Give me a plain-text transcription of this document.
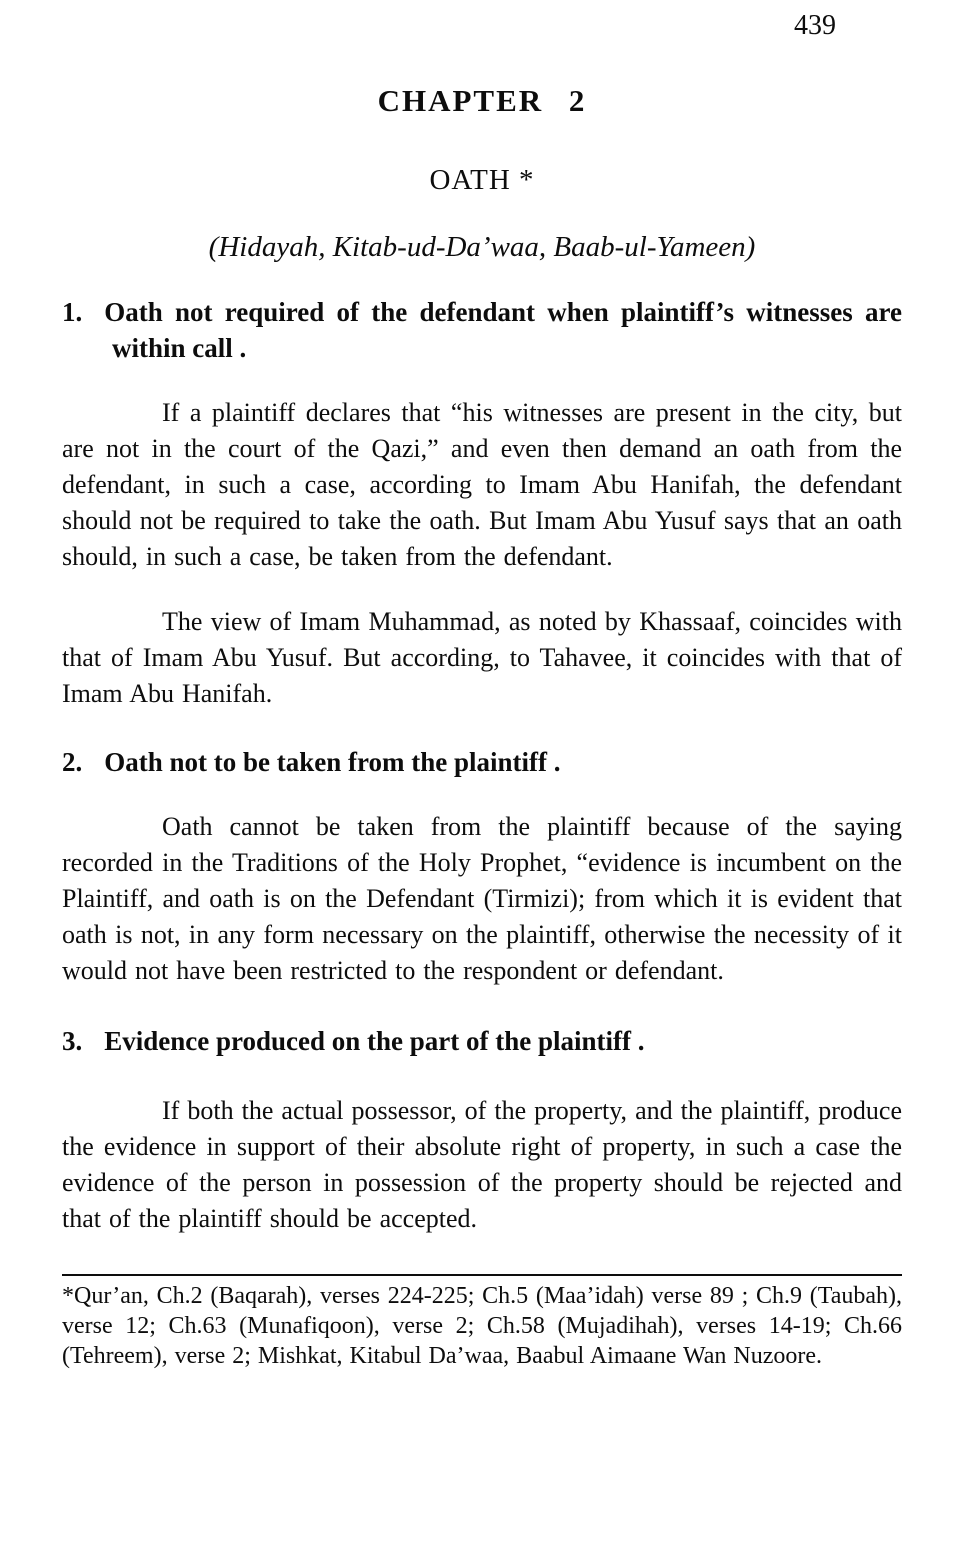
439
CHAPTER 2
OATH *
(Hidayah, Kitab-ud-Da’waa, Baab-ul-Yameen)
1. Oath not required of the defendant when plaintiff’s witnesses are within call .

If a plaintiff declares that “his witnesses are present in the city, but are not in the court of the Qazi,” and even then demand an oath from the defendant, in such a case, according to Imam Abu Hanifah, the defendant should not be required to take the oath. But Imam Abu Yusuf says that an oath should, in such a case, be taken from the defendant.

The view of Imam Muhammad, as noted by Khassaaf, coincides with that of Imam Abu Yusuf. But according, to Tahavee, it coincides with that of Imam Abu Hanifah.

2. Oath not to be taken from the plaintiff .

Oath cannot be taken from the plaintiff because of the saying recorded in the Traditions of the Holy Prophet, “evidence is incumbent on the Plaintiff, and oath is on the Defendant (Tirmizi); from which it is evident that oath is not, in any form necessary on the plaintiff, otherwise the necessity of it would not have been restricted to the respondent or defendant.

3. Evidence produced on the part of the plaintiff .

If both the actual possessor, of the property, and the plaintiff, produce the evidence in support of their absolute right of property, in such a case the evidence of the person in possession of the property should be rejected and that of the plaintiff should be accepted.

*Qur’an, Ch.2 (Baqarah), verses 224-225; Ch.5 (Maa’idah) verse 89 ; Ch.9 (Taubah), verse 12; Ch.63 (Munafiqoon), verse 2; Ch.58 (Mujadihah), verses 14-19; Ch.66 (Tehreem), verse 2; Mishkat, Kitabul Da’waa, Baabul Aimaane Wan Nuzoore.
